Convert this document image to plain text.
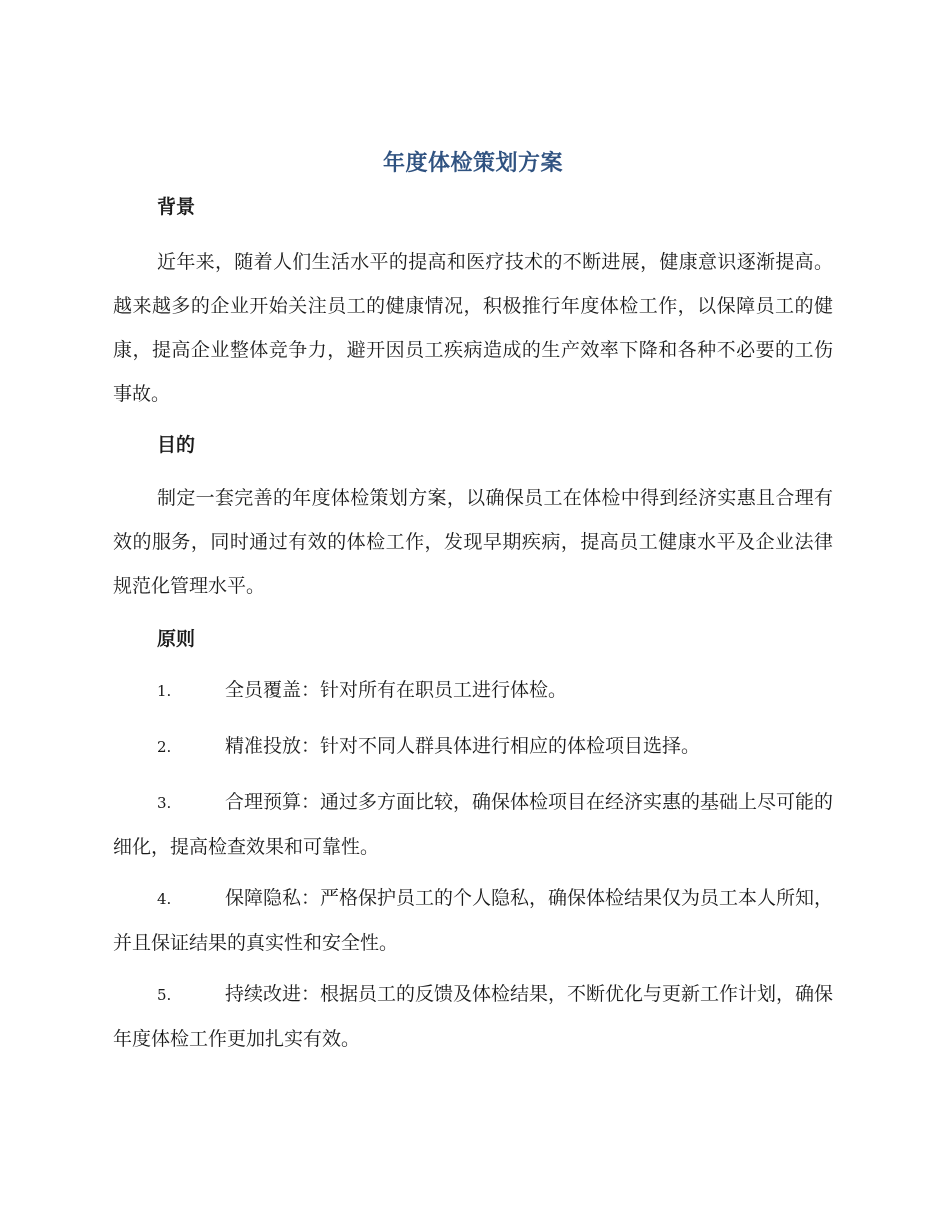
年度体检策划方案
背景

近年来，随着人们生活水平的提高和医疗技术的不断进展，健康意识逐渐提高。越来越多的企业开始关注员工的健康情况，积极推行年度体检工作，以保障员工的健康，提高企业整体竞争力，避开因员工疾病造成的生产效率下降和各种不必要的工伤事故。

目的

制定一套完善的年度体检策划方案，以确保员工在体检中得到经济实惠且合理有效的服务，同时通过有效的体检工作，发现早期疾病，提高员工健康水平及企业法律规范化管理水平。

原则

1.	全员覆盖：针对所有在职员工进行体检。

2.	精准投放：针对不同人群具体进行相应的体检项目选择。

3.	合理预算：通过多方面比较，确保体检项目在经济实惠的基础上尽可能的细化，提高检查效果和可靠性。

4.	保障隐私：严格保护员工的个人隐私，确保体检结果仅为员工本人所知，并且保证结果的真实性和安全性。

5.	持续改进：根据员工的反馈及体检结果，不断优化与更新工作计划，确保年度体检工作更加扎实有效。
